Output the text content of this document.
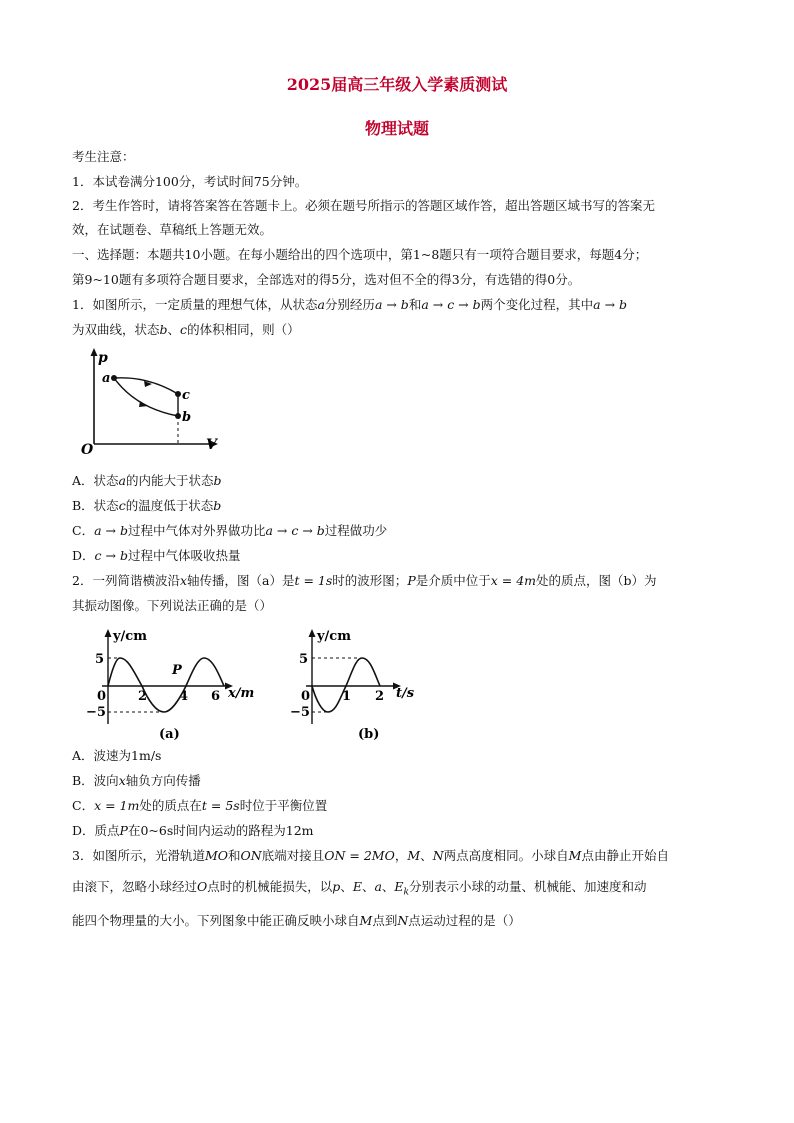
2025届高三年级入学素质测试
物理试题
考生注意：
1．本试卷满分100分，考试时间75分钟。
2．考生作答时，请将答案答在答题卡上。必须在题号所指示的答题区域作答，超出答题区域书写的答案无
效，在试题卷、草稿纸上答题无效。
一、选择题：本题共10小题。在每小题给出的四个选项中，第1~8题只有一项符合题目要求，每题4分；
第9~10题有多项符合题目要求，全部选对的得5分，选对但不全的得3分，有选错的得0分。
1．如图所示，一定质量的理想气体，从状态a分别经历a → b和a → c → b两个变化过程，其中a → b
为双曲线，状态b、c的体积相同，则（）
p
V
O
a
c
b
A．状态a的内能大于状态b
B．状态c的温度低于状态b
C．a → b过程中气体对外界做功比a → c → b过程做功少
D．c → b过程中气体吸收热量
2．一列简谐横波沿x轴传播，图（a）是t = 1s时的波形图；P是介质中位于x = 4m处的质点，图（b）为
其振动图像。下列说法正确的是（）
y/cm
x/m
5
−5
0 2 4 6
P
(a)
y/cm
t/s
5
−5
0 1 2
(b)
A．波速为1m/s
B．波向x轴负方向传播
C．x = 1m处的质点在t = 5s时位于平衡位置
D．质点P在0~6s时间内运动的路程为12m
3．如图所示，光滑轨道MO和ON底端对接且ON = 2MO，M、N两点高度相同。小球自M点由静止开始自
由滚下，忽略小球经过O点时的机械能损失，以p、E、a、$E_k$分别表示小球的动量、机械能、加速度和动
能四个物理量的大小。下列图象中能正确反映小球自M点到N点运动过程的是（）
